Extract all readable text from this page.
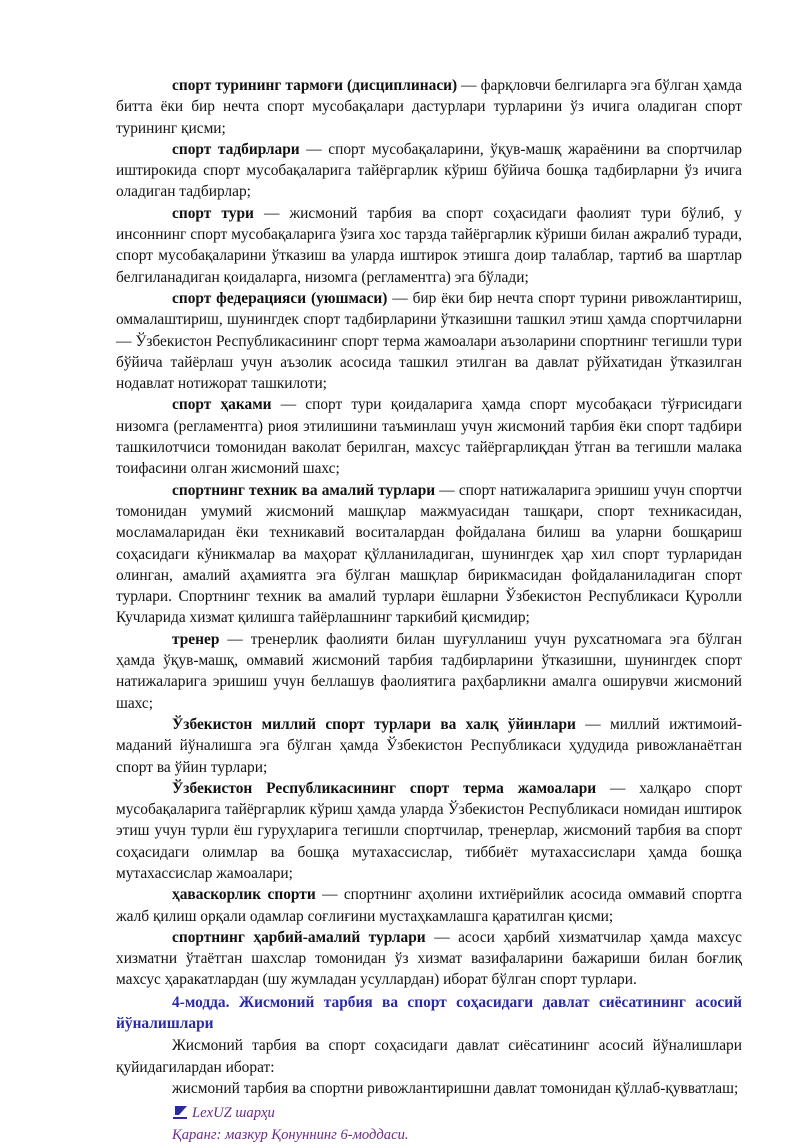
спорт турининг тармоғи (дисциплинаси) — фарқловчи белгиларга эга бўлган ҳамда битта ёки бир нечта спорт мусобақалари дастурлари турларини ўз ичига оладиган спорт турининг қисми;

спорт тадбирлари — спорт мусобақаларини, ўқув-машқ жараёнини ва спортчилар иштирокида спорт мусобақаларига тайёргарлик кўриш бўйича бошқа тадбирларни ўз ичига оладиган тадбирлар;

спорт тури — жисмоний тарбия ва спорт соҳасидаги фаолият тури бўлиб, у инсоннинг спорт мусобақаларига ўзига хос тарзда тайёргарлик кўриши билан ажралиб туради, спорт мусобақаларини ўтказиш ва уларда иштирок этишга доир талаблар, тартиб ва шартлар белгиланадиган қоидаларга, низомга (регламентга) эга бўлади;

спорт федерацияси (уюшмаси) — бир ёки бир нечта спорт турини ривожлантириш, оммалаштириш, шунингдек спорт тадбирларини ўтказишни ташкил этиш ҳамда спортчиларни — Ўзбекистон Республикасининг спорт терма жамоалари аъзоларини спортнинг тегишли тури бўйича тайёрлаш учун аъзолик асосида ташкил этилган ва давлат рўйхатидан ўтказилган нодавлат нотижорат ташкилоти;

спорт ҳаками — спорт тури қоидаларига ҳамда спорт мусобақаси тўғрисидаги низомга (регламентга) риоя этилишини таъминлаш учун жисмоний тарбия ёки спорт тадбири ташкилотчиси томонидан ваколат берилган, махсус тайёргарлиқдан ўтган ва тегишли малака тоифасини олган жисмоний шахс;

спортнинг техник ва амалий турлари — спорт натижаларига эришиш учун спортчи томонидан умумий жисмоний машқлар мажмуасидан ташқари, спорт техникасидан, мосламаларидан ёки техникавий воситалардан фойдалана билиш ва уларни бошқариш соҳасидаги кўникмалар ва маҳорат қўлланиладиган, шунингдек ҳар хил спорт турларидан олинган, амалий аҳамиятга эга бўлган машқлар бирикмасидан фойдаланиладиган спорт турлари. Спортнинг техник ва амалий турлари ёшларни Ўзбекистон Республикаси Қуролли Кучларида хизмат қилишга тайёрлашнинг таркибий қисмидир;

тренер — тренерлик фаолияти билан шуғулланиш учун рухсатномага эга бўлган ҳамда ўқув-машқ, оммавий жисмоний тарбия тадбирларини ўтказишни, шунингдек спорт натижаларига эришиш учун беллашув фаолиятига раҳбарликни амалга оширувчи жисмоний шахс;

Ўзбекистон миллий спорт турлари ва халқ ўйинлари — миллий ижтимоий-маданий йўналишга эга бўлган ҳамда Ўзбекистон Республикаси ҳудудида ривожланаётган спорт ва ўйин турлари;

Ўзбекистон Республикасининг спорт терма жамоалари — халқаро спорт мусобақаларига тайёргарлик кўриш ҳамда уларда Ўзбекистон Республикаси номидан иштирок этиш учун турли ёш гуруҳларига тегишли спортчилар, тренерлар, жисмоний тарбия ва спорт соҳасидаги олимлар ва бошқа мутахассислар, тиббиёт мутахассислари ҳамда бошқа мутахассислар жамоалари;

ҳаваскорлик спорти — спортнинг аҳолини ихтиёрийлик асосида оммавий спортга жалб қилиш орқали одамлар соғлиғини мустаҳкамлашга қаратилган қисми;

спортнинг ҳарбий-амалий турлари — асоси ҳарбий хизматчилар ҳамда махсус хизматни ўтаётган шахслар томонидан ўз хизмат вазифаларини бажариши билан боғлиқ махсус ҳаракатлардан (шу жумладан усуллардан) иборат бўлган спорт турлари.

4-модда. Жисмоний тарбия ва спорт соҳасидаги давлат сиёсатининг асосий йўналишлари

Жисмоний тарбия ва спорт соҳасидаги давлат сиёсатининг асосий йўналишлари қуйидагилардан иборат:

жисмоний тарбия ва спортни ривожлантиришни давлат томонидан қўллаб-қувватлаш;

LexUZ шарҳи
Қаранг: мазкур Қонуннинг 6-моддаси.
